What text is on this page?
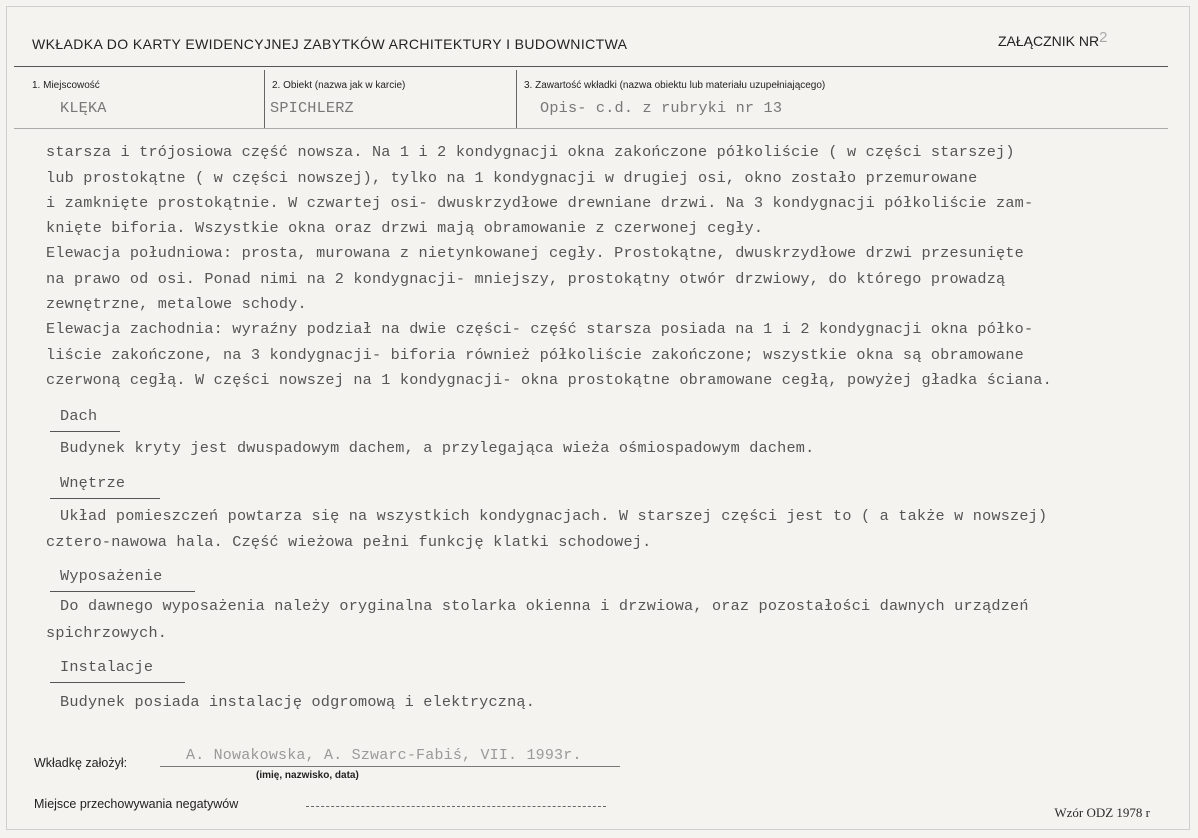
WKŁADKA DO KARTY EWIDENCYJNEJ ZABYTKÓW ARCHITEKTURY I BUDOWNICTWA	ZAŁĄCZNIK NR2
1. Miejscowość
KLĘKA
2. Obiekt (nazwa jak w karcie)
SPICHLERZ
3. Zawartość wkładki (nazwa obiektu lub materiału uzupełniającego)
Opis- c.d. z rubryki nr 13
starsza i trójosiowa część nowsza. Na 1 i 2 kondygnacji okna zakończone półkoliście ( w części starszej)
lub prostokątne ( w części nowszej), tylko na 1 kondygnacji w drugiej osi, okno zostało przemurowane
i zamknięte prostokątnie. W czwartej osi- dwuskrzydłowe drewniane drzwi. Na 3 kondygnacji półkoliście zam-
knięte biforia. Wszystkie okna oraz drzwi mają obramowanie z czerwonej cegły.
Elewacja południowa: prosta, murowana z nietynkowanej cegły. Prostokątne, dwuskrzydłowe drzwi przesunięte
na prawo od osi. Ponad nimi na 2 kondygnacji- mniejszy, prostokątny otwór drzwiowy, do którego prowadzą
zewnętrzne, metalowe schody.
Elewacja zachodnia: wyraźny podział na dwie części- część starsza posiada na 1 i 2 kondygnacji okna półko-
liście zakończone, na 3 kondygnacji- biforia również półkoliście zakończone; wszystkie okna są obramowane
czerwoną cegłą. W części nowszej na 1 kondygnacji- okna prostokątne obramowane cegłą, powyżej gładka ściana.
Dach
Budynek kryty jest dwuspadowym dachem, a przylegająca wieża ośmiospadowym dachem.
Wnętrze
Układ pomieszczeń powtarza się na wszystkich kondygnacjach. W starszej części jest to ( a także w nowszej)
cztero-nawowa hala. Część wieżowa pełni funkcję klatki schodowej.
Wyposażenie
Do dawnego wyposażenia należy oryginalna stolarka okienna i drzwiowa, oraz pozostałości dawnych urządzeń
spichrzowych.
Instalacje
Budynek posiada instalację odgromową i elektryczną.
Wkładkę założył:	A. Nowakowska, A. Szwarc-Fabiś, VII. 1993r.
(imię, nazwisko, data)
Miejsce przechowywania negatywów
Wzór ODZ 1978 r
